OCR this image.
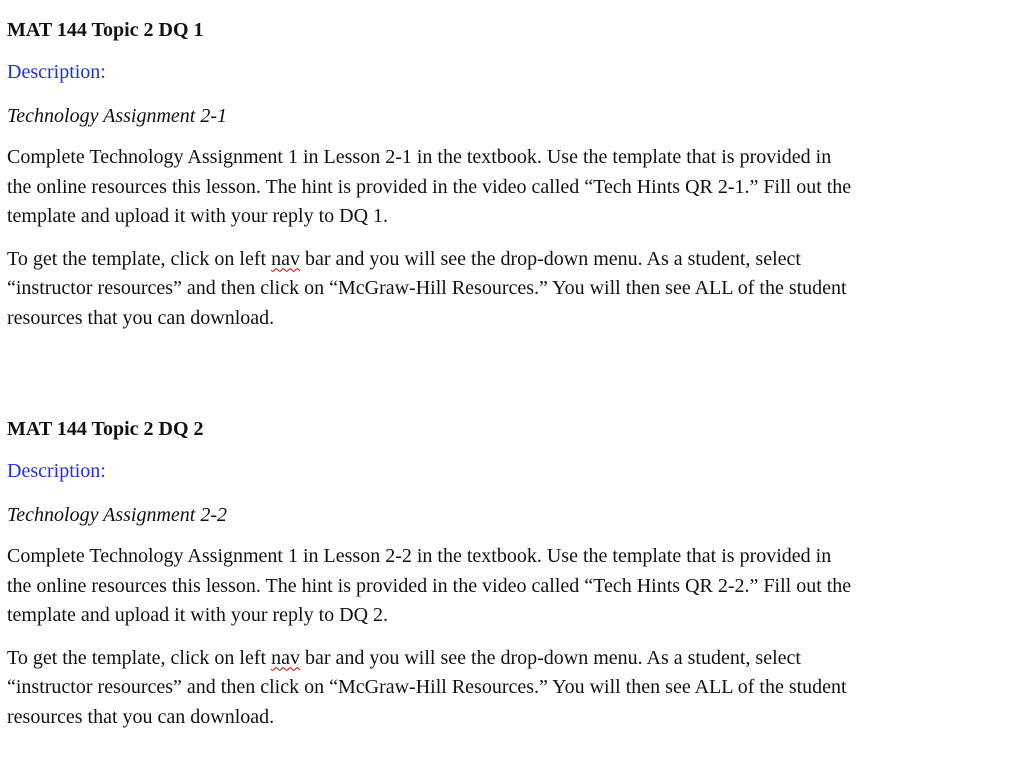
MAT 144 Topic 2 DQ 1

Description:

Technology Assignment 2-1

Complete Technology Assignment 1 in Lesson 2-1 in the textbook. Use the template that is provided in
the online resources this lesson. The hint is provided in the video called “Tech Hints QR 2-1.” Fill out the
template and upload it with your reply to DQ 1.

To get the template, click on left nav bar and you will see the drop-down menu. As a student, select
“instructor resources” and then click on “McGraw-Hill Resources.” You will then see ALL of the student
resources that you can download.

MAT 144 Topic 2 DQ 2

Description:

Technology Assignment 2-2

Complete Technology Assignment 1 in Lesson 2-2 in the textbook. Use the template that is provided in
the online resources this lesson. The hint is provided in the video called “Tech Hints QR 2-2.” Fill out the
template and upload it with your reply to DQ 2.

To get the template, click on left nav bar and you will see the drop-down menu. As a student, select
“instructor resources” and then click on “McGraw-Hill Resources.” You will then see ALL of the student
resources that you can download.
